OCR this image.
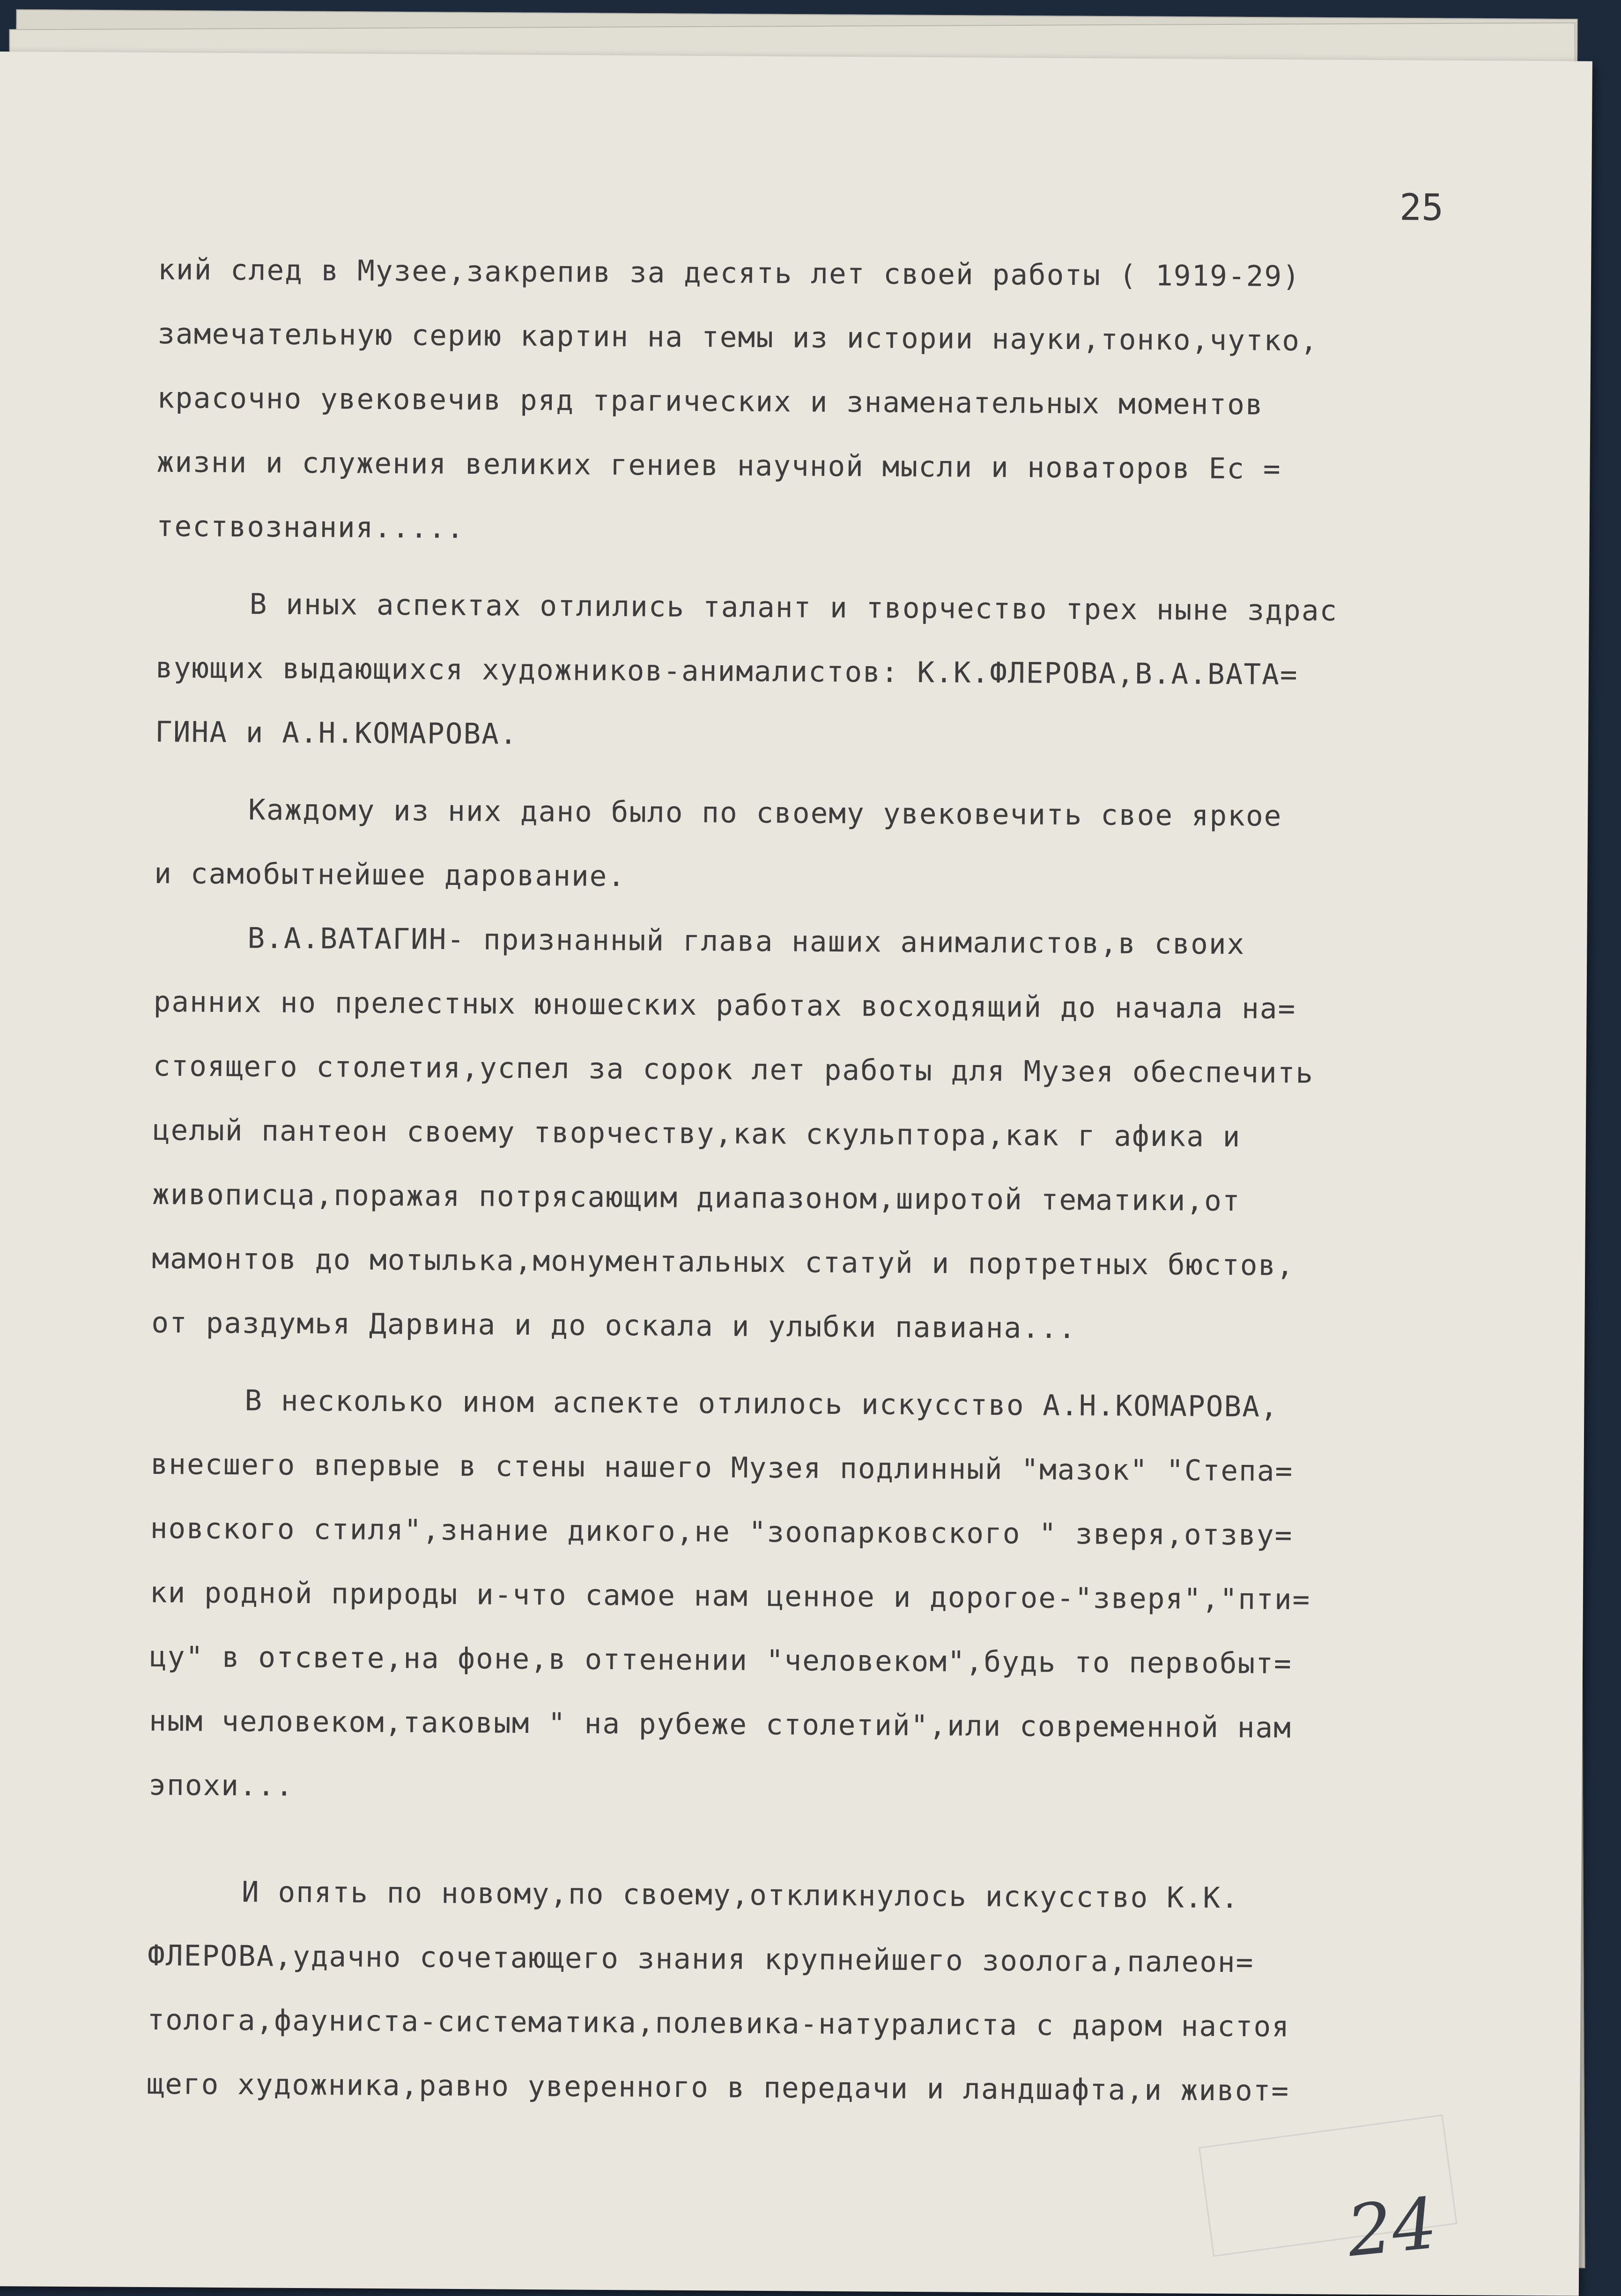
25

кий след в Музее,закрепив за десять лет своей работы ( 1919-29)
замечательную серию картин на темы из истории науки,тонко,чутко,
красочно увековечив ряд трагических и знаменательных моментов
жизни и служения великих гениев научной мысли и новаторов Ес =
тествознания.....
В иных аспектах отлились талант и творчество трех ныне здрас
вующих выдающихся художников-анималистов: К.К.ФЛЕРОВА,В.А.ВАТА=
ГИНА и А.Н.КОМАРОВА.
Каждому из них дано было по своему увековечить свое яркое
и самобытнейшее дарование.
В.А.ВАТАГИН- признанный глава наших анималистов,в своих
ранних но прелестных юношеских работах восходящий до начала на=
стоящего столетия,успел за сорок лет работы для Музея обеспечить
целый пантеон своему творчеству,как скульптора,как г афика и
живописца,поражая потрясающим диапазоном,широтой тематики,от
мамонтов до мотылька,монументальных статуй и портретных бюстов,
от раздумья Дарвина и до оскала и улыбки павиана...
В несколько ином аспекте отлилось искусство А.Н.КОМАРОВА,
внесшего впервые в стены нашего Музея подлинный "мазок" "Степа=
новского стиля",знание дикого,не "зоопарковского " зверя,отзву=
ки родной природы и-что самое нам ценное и дорогое-"зверя","пти=
цу" в отсвете,на фоне,в оттенении "человеком",будь то первобыт=
ным человеком,таковым " на рубеже столетий",или современной нам
эпохи...
И опять по новому,по своему,откликнулось искусство К.К.
ФЛЕРОВА,удачно сочетающего знания крупнейшего зоолога,палеон=
толога,фауниста-систематика,полевика-натуралиста с даром настоя
щего художника,равно уверенного в передачи и ландшафта,и живот=

24
